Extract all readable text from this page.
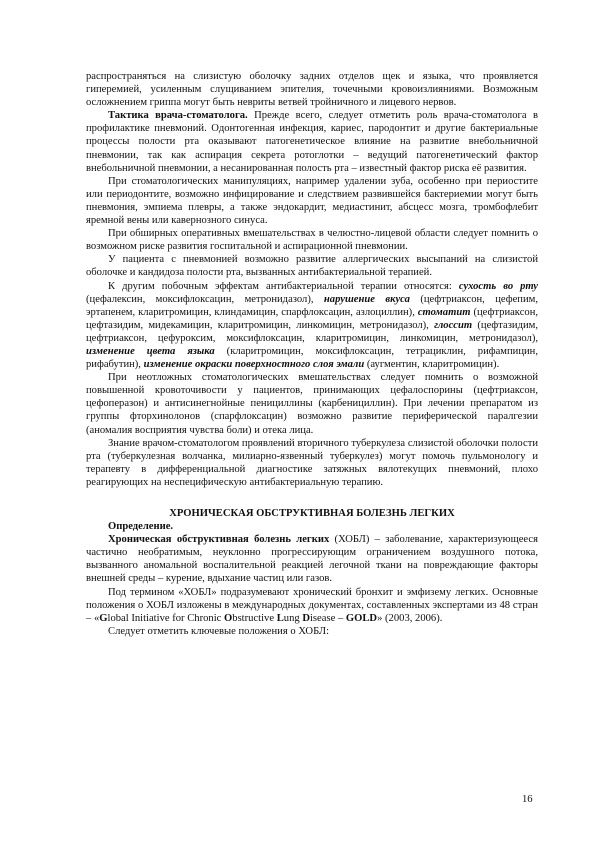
распространяться на слизистую оболочку задних отделов щек и языка, что проявляется гиперемией, усиленным слущиванием эпителия, точечными кровоизлияниями. Возможным осложнением гриппа могут быть невриты ветвей тройничного и лицевого нервов.

Тактика врача-стоматолога. Прежде всего, следует отметить роль врача-стоматолога в профилактике пневмоний. Одонтогенная инфекция, кариес, пародонтит и другие бактериальные процессы полости рта оказывают патогенетическое влияние на развитие внебольничной пневмонии, так как аспирация секрета ротоглотки – ведущий патогенетический фактор внебольничной пневмонии, а несанированная полость рта – известный фактор риска её развития.

При стоматологических манипуляциях, например удалении зуба, особенно при периостите или периодонтите, возможно инфицирование и следствием развившейся бактериемии могут быть пневмония, эмпиема плевры, а также эндокардит, медиастинит, абсцесс мозга, тромбофлебит яремной вены или кавернозного синуса.

При обширных оперативных вмешательствах в челюстно-лицевой области следует помнить о возможном риске развития госпитальной и аспирационной пневмонии.

У пациента с пневмонией возможно развитие аллергических высыпаний на слизистой оболочке и кандидоза полости рта, вызванных антибактериальной терапией.

К другим побочным эффектам антибактериальной терапии относятся: сухость во рту (цефалексин, моксифлоксацин, метронидазол), нарушение вкуса (цефтриаксон, цефепим, эртапенем, кларитромицин, клиндамицин, спарфлоксацин, азлоциллин), стоматит (цефтриаксон, цефтазидим, мидекамицин, кларитромицин, линкомицин, метронидазол), глоссит (цефтазидим, цефтриаксон, цефуроксим, моксифлоксацин, кларитромицин, линкомицин, метронидазол), изменение цвета языка (кларитромицин, моксифлоксацин, тетрациклин, рифампицин, рифабутин), изменение окраски поверхностного слоя эмали (аугментин, кларитромицин).

При неотложных стоматологических вмешательствах следует помнить о возможной повышенной кровоточивости у пациентов, принимающих цефалоспорины (цефтриаксон, цефоперазон) и антисинегнойные пенициллины (карбенициллин). При лечении препаратом из группы фторхинолонов (спарфлоксацин) возможно развитие периферической паралгезии (аномалия восприятия чувства боли) и отека лица.

Знание врачом-стоматологом проявлений вторичного туберкулеза слизистой оболочки полости рта (туберкулезная волчанка, милиарно-язвенный туберкулез) могут помочь пульмонологу и терапевту в дифференциальной диагностике затяжных вялотекущих пневмоний, плохо реагирующих на неспецифическую антибактериальную терапию.

ХРОНИЧЕСКАЯ ОБСТРУКТИВНАЯ БОЛЕЗНЬ ЛЕГКИХ

Определение.

Хроническая обструктивная болезнь легких (ХОБЛ) – заболевание, характеризующееся частично необратимым, неуклонно прогрессирующим ограничением воздушного потока, вызванного аномальной воспалительной реакцией легочной ткани на повреждающие факторы внешней среды – курение, вдыхание частиц или газов.

Под термином «ХОБЛ» подразумевают хронический бронхит и эмфизему легких. Основные положения о ХОБЛ изложены в международных документах, составленных экспертами из 48 стран – «Global Initiative for Chronic Obstructive Lung Disease – GOLD» (2003, 2006).

Следует отметить ключевые положения о ХОБЛ:

16
